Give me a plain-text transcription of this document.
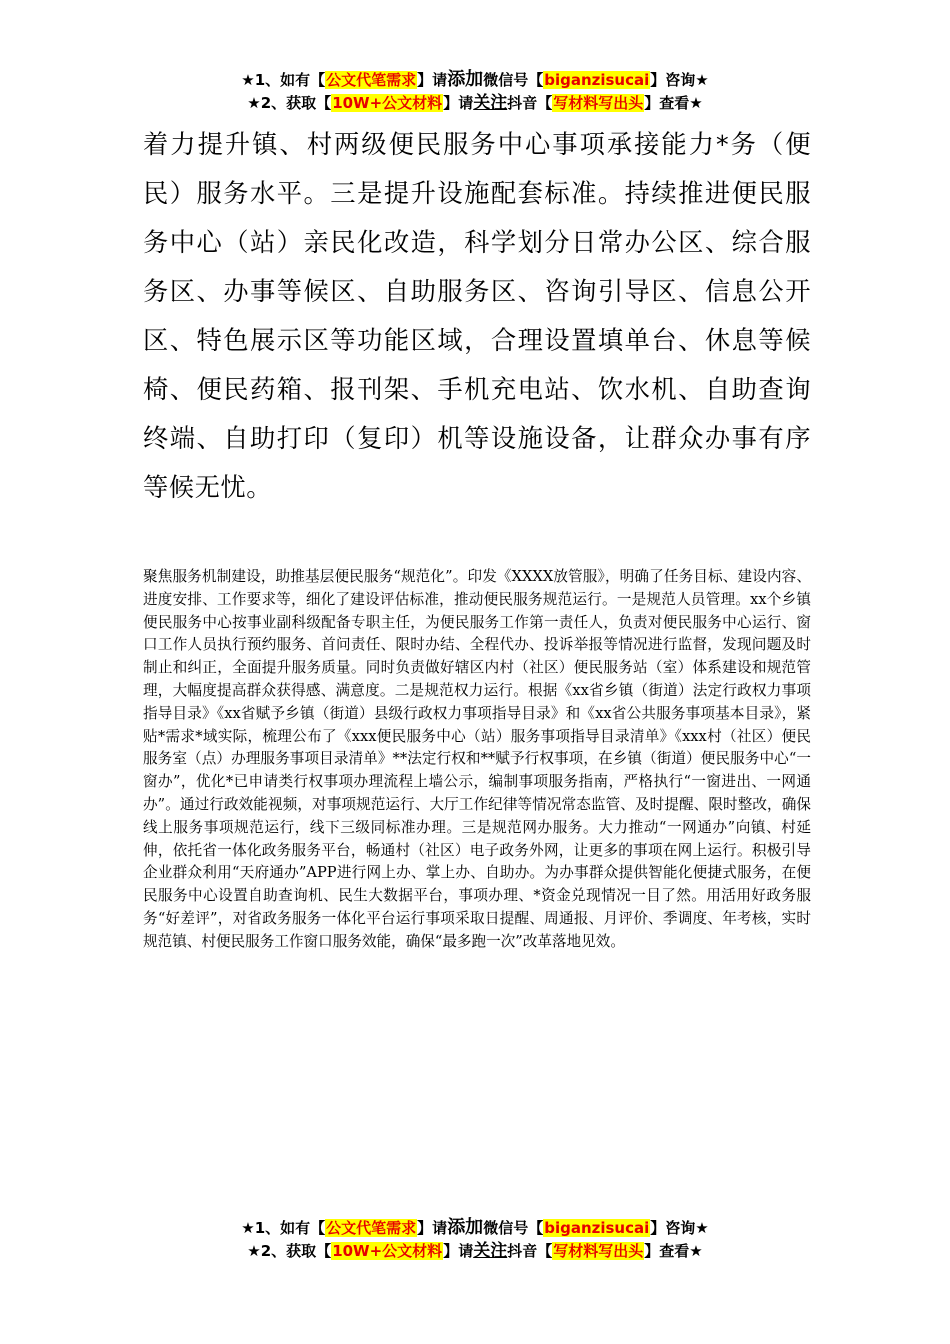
★1、如有【公文代笔需求】请添加微信号【biganzisucai】咨询★
★2、获取【10W+公文材料】请关注抖音【写材料写出头】查看★
着力提升镇、村两级便民服务中心事项承接能力*务（便民）服务水平。三是提升设施配套标准。持续推进便民服务中心（站）亲民化改造，科学划分日常办公区、综合服务区、办事等候区、自助服务区、咨询引导区、信息公开区、特色展示区等功能区域，合理设置填单台、休息等候椅、便民药箱、报刊架、手机充电站、饮水机、自助查询终端、自助打印（复印）机等设施设备，让群众办事有序等候无忧。
聚焦服务机制建设，助推基层便民服务“规范化”。印发《XXXX放管服》，明确了任务目标、建设内容、进度安排、工作要求等，细化了建设评估标准，推动便民服务规范运行。一是规范人员管理。xx个乡镇便民服务中心按事业副科级配备专职主任，为便民服务工作第一责任人，负责对便民服务中心运行、窗口工作人员执行预约服务、首问责任、限时办结、全程代办、投诉举报等情况进行监督，发现问题及时制止和纠正，全面提升服务质量。同时负责做好辖区内村（社区）便民服务站（室）体系建设和规范管理，大幅度提高群众获得感、满意度。二是规范权力运行。根据《xx省乡镇（街道）法定行政权力事项指导目录》《xx省赋予乡镇（街道）县级行政权力事项指导目录》和《xx省公共服务事项基本目录》，紧贴*需求*域实际，梳理公布了《xxx便民服务中心（站）服务事项指导目录清单》《xxx村（社区）便民服务室（点）办理服务事项目录清单》**法定行权和**赋予行权事项，在乡镇（街道）便民服务中心“一窗办”，优化*已申请类行权事项办理流程上墙公示，编制事项服务指南，严格执行“一窗进出、一网通办”。通过行政效能视频，对事项规范运行、大厅工作纪律等情况常态监管、及时提醒、限时整改，确保线上服务事项规范运行，线下三级同标准办理。三是规范网办服务。大力推动“一网通办”向镇、村延伸，依托省一体化政务服务平台，畅通村（社区）电子政务外网，让更多的事项在网上运行。积极引导企业群众利用“天府通办”APP进行网上办、掌上办、自助办。为办事群众提供智能化便捷式服务，在便民服务中心设置自助查询机、民生大数据平台，事项办理、*资金兑现情况一目了然。用活用好政务服务“好差评”，对省政务服务一体化平台运行事项采取日提醒、周通报、月评价、季调度、年考核，实时规范镇、村便民服务工作窗口服务效能，确保“最多跑一次”改革落地见效。
★1、如有【公文代笔需求】请添加微信号【biganzisucai】咨询★
★2、获取【10W+公文材料】请关注抖音【写材料写出头】查看★
